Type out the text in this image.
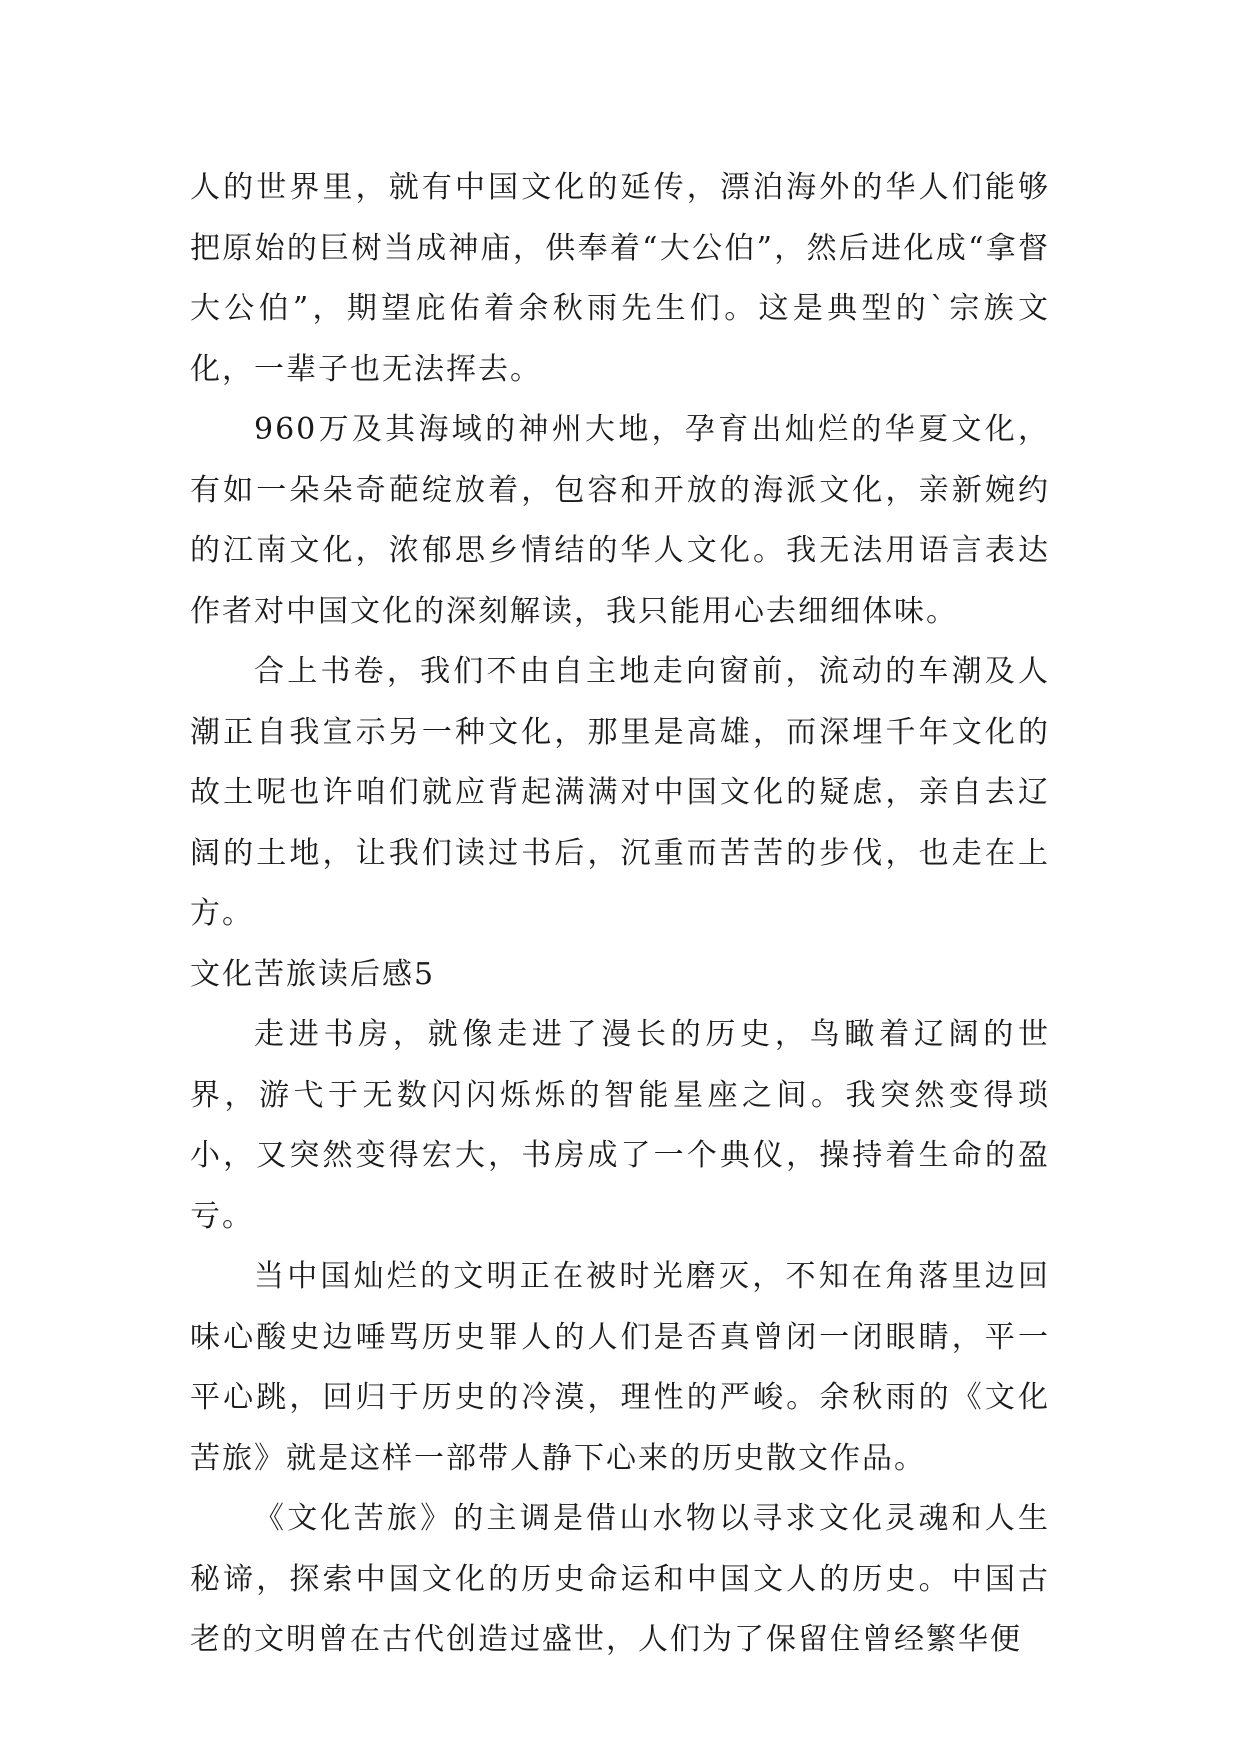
人的世界里，就有中国文化的延传，漂泊海外的华人们能够把原始的巨树当成神庙，供奉着“大公伯”，然后进化成“拿督大公伯”，期望庇佑着余秋雨先生们。这是典型的`宗族文化，一辈子也无法挥去。

960万及其海域的神州大地，孕育出灿烂的华夏文化，有如一朵朵奇葩绽放着，包容和开放的海派文化，亲新婉约的江南文化，浓郁思乡情结的华人文化。我无法用语言表达作者对中国文化的深刻解读，我只能用心去细细体味。

合上书卷，我们不由自主地走向窗前，流动的车潮及人潮正自我宣示另一种文化，那里是高雄，而深埋千年文化的故土呢也许咱们就应背起满满对中国文化的疑虑，亲自去辽阔的土地，让我们读过书后，沉重而苦苦的步伐，也走在上方。

文化苦旅读后感5

走进书房，就像走进了漫长的历史，鸟瞰着辽阔的世界，游弋于无数闪闪烁烁的智能星座之间。我突然变得琐小，又突然变得宏大，书房成了一个典仪，操持着生命的盈亏。

当中国灿烂的文明正在被时光磨灭，不知在角落里边回味心酸史边唾骂历史罪人的人们是否真曾闭一闭眼睛，平一平心跳，回归于历史的冷漠，理性的严峻。余秋雨的《文化苦旅》就是这样一部带人静下心来的历史散文作品。

《文化苦旅》的主调是借山水物以寻求文化灵魂和人生秘谛，探索中国文化的历史命运和中国文人的历史。中国古老的文明曾在古代创造过盛世，人们为了保留住曾经繁华便
